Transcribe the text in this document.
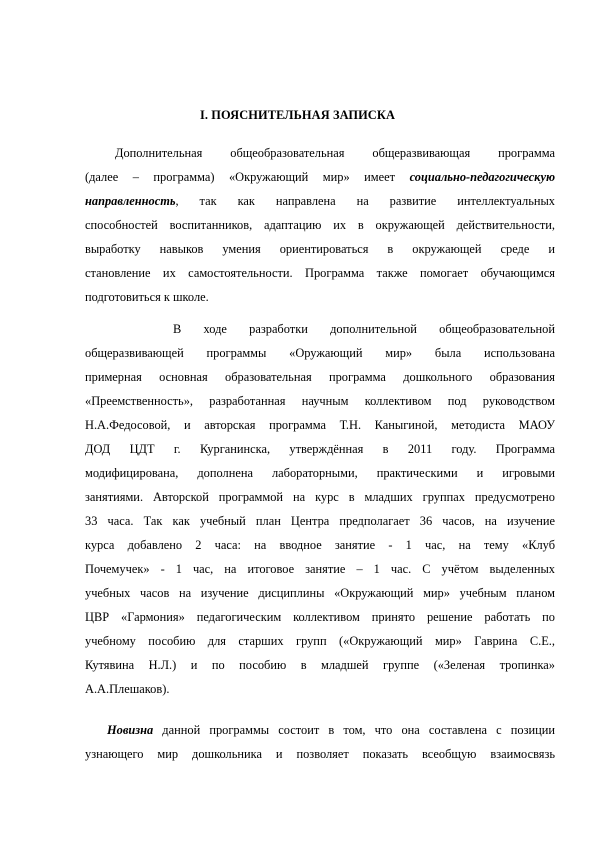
I. ПОЯСНИТЕЛЬНАЯ ЗАПИСКА
Дополнительная общеобразовательная общеразвивающая программа
(далее – программа) «Окружающий мир» имеет социально-педагогическую
направленность, так как направлена на развитие интеллектуальных
способностей воспитанников, адаптацию их в окружающей действительности,
выработку навыков умения ориентироваться в окружающей среде и
становление их самостоятельности. Программа также помогает обучающимся
подготовиться к школе.
В ходе разработки дополнительной общеобразовательной
общеразвивающей программы «Оружающий мир» была использована
примерная основная образовательная программа дошкольного образования
«Преемственность», разработанная научным коллективом под руководством
Н.А.Федосовой, и авторская программа Т.Н. Каныгиной, методиста МАОУ
ДОД ЦДТ г. Курганинска, утверждённая в 2011 году. Программа
модифицирована, дополнена лабораторными, практическими и игровыми
занятиями. Авторской программой на курс в младших группах предусмотрено
33 часа. Так как учебный план Центра предполагает 36 часов, на изучение
курса добавлено 2 часа: на вводное занятие - 1 час, на тему «Клуб
Почемучек» - 1 час, на итоговое занятие – 1 час. С учётом выделенных
учебных часов на изучение дисциплины «Окружающий мир» учебным планом
ЦВР «Гармония» педагогическим коллективом принято решение работать по
учебному пособию для старших групп («Окружающий мир» Гаврина С.Е.,
Кутявина Н.Л.) и по пособию в младшей группе («Зеленая тропинка»
А.А.Плешаков).
Новизна данной программы состоит в том, что она составлена с позиции
узнающего мир дошкольника и позволяет показать всеобщую взаимосвязь
